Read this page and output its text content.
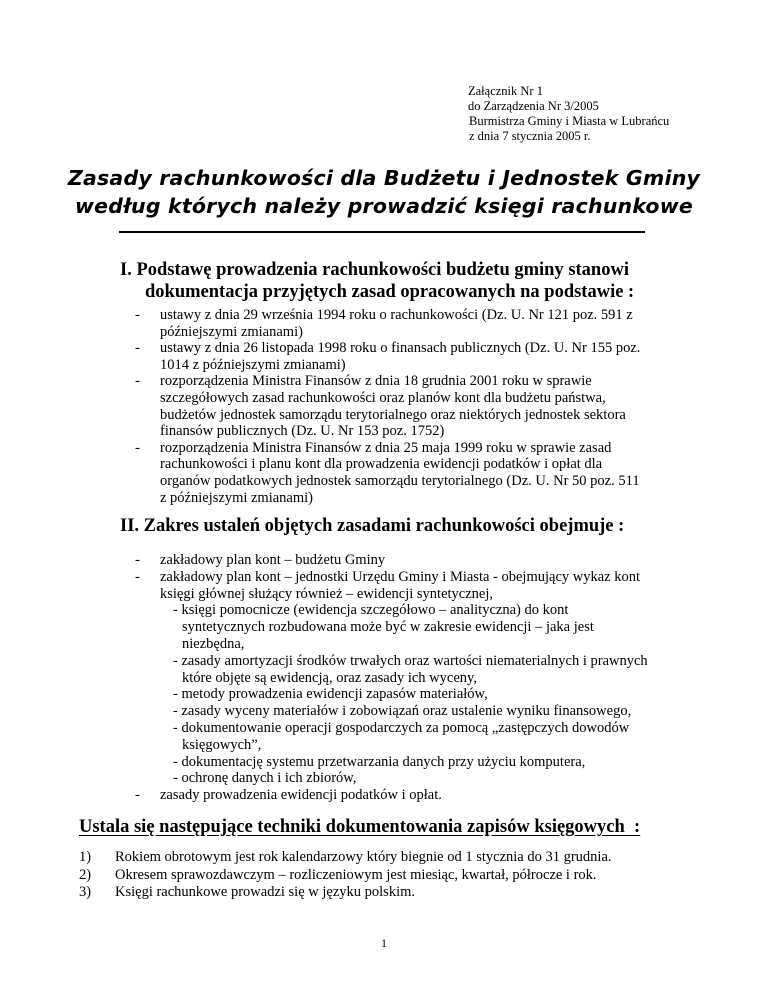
Załącznik Nr 1
do Zarządzenia Nr 3/2005
Burmistrza Gminy i Miasta w Lubrańcu
z dnia 7 stycznia 2005 r.
Zasady rachunkowości dla Budżetu i Jednostek Gminy
według których należy prowadzić księgi rachunkowe
I. Podstawę prowadzenia rachunkowości budżetu gminy stanowi
dokumentacja przyjętych zasad opracowanych na podstawie :
- ustawy z dnia 29 września 1994 roku o rachunkowości (Dz. U. Nr 121 poz. 591 z
późniejszymi zmianami)
- ustawy z dnia 26 listopada 1998 roku o finansach publicznych (Dz. U. Nr 155 poz.
1014 z późniejszymi zmianami)
- rozporządzenia Ministra Finansów z dnia 18 grudnia 2001 roku w sprawie
szczegółowych zasad rachunkowości oraz planów kont dla budżetu państwa,
budżetów jednostek samorządu terytorialnego oraz niektórych jednostek sektora
finansów publicznych (Dz. U. Nr 153 poz. 1752)
- rozporządzenia Ministra Finansów z dnia 25 maja 1999 roku w sprawie zasad
rachunkowości i planu kont dla prowadzenia ewidencji podatków i opłat dla
organów podatkowych jednostek samorządu terytorialnego (Dz. U. Nr 50 poz. 511
z późniejszymi zmianami)
II. Zakres ustaleń objętych zasadami rachunkowości obejmuje :
- zakładowy plan kont – budżetu Gminy
- zakładowy plan kont – jednostki Urzędu Gminy i Miasta - obejmujący wykaz kont
księgi głównej służący również – ewidencji syntetycznej,
- księgi pomocnicze (ewidencja szczegółowo – analityczna) do kont
syntetycznych rozbudowana może być w zakresie ewidencji – jaka jest
niezbędna,
- zasady amortyzacji środków trwałych oraz wartości niematerialnych i prawnych
które objęte są ewidencją, oraz zasady ich wyceny,
- metody prowadzenia ewidencji zapasów materiałów,
- zasady wyceny materiałów i zobowiązań oraz ustalenie wyniku finansowego,
- dokumentowanie operacji gospodarczych za pomocą „zastępczych dowodów
księgowych”,
- dokumentację systemu przetwarzania danych przy użyciu komputera,
- ochronę danych i ich zbiorów,
- zasady prowadzenia ewidencji podatków i opłat.
Ustala się następujące techniki dokumentowania zapisów księgowych  :
1) Rokiem obrotowym jest rok kalendarzowy który biegnie od 1 stycznia do 31 grudnia.
2) Okresem sprawozdawczym – rozliczeniowym jest miesiąc, kwartał, półrocze i rok.
3) Księgi rachunkowe prowadzi się w języku polskim.
1
